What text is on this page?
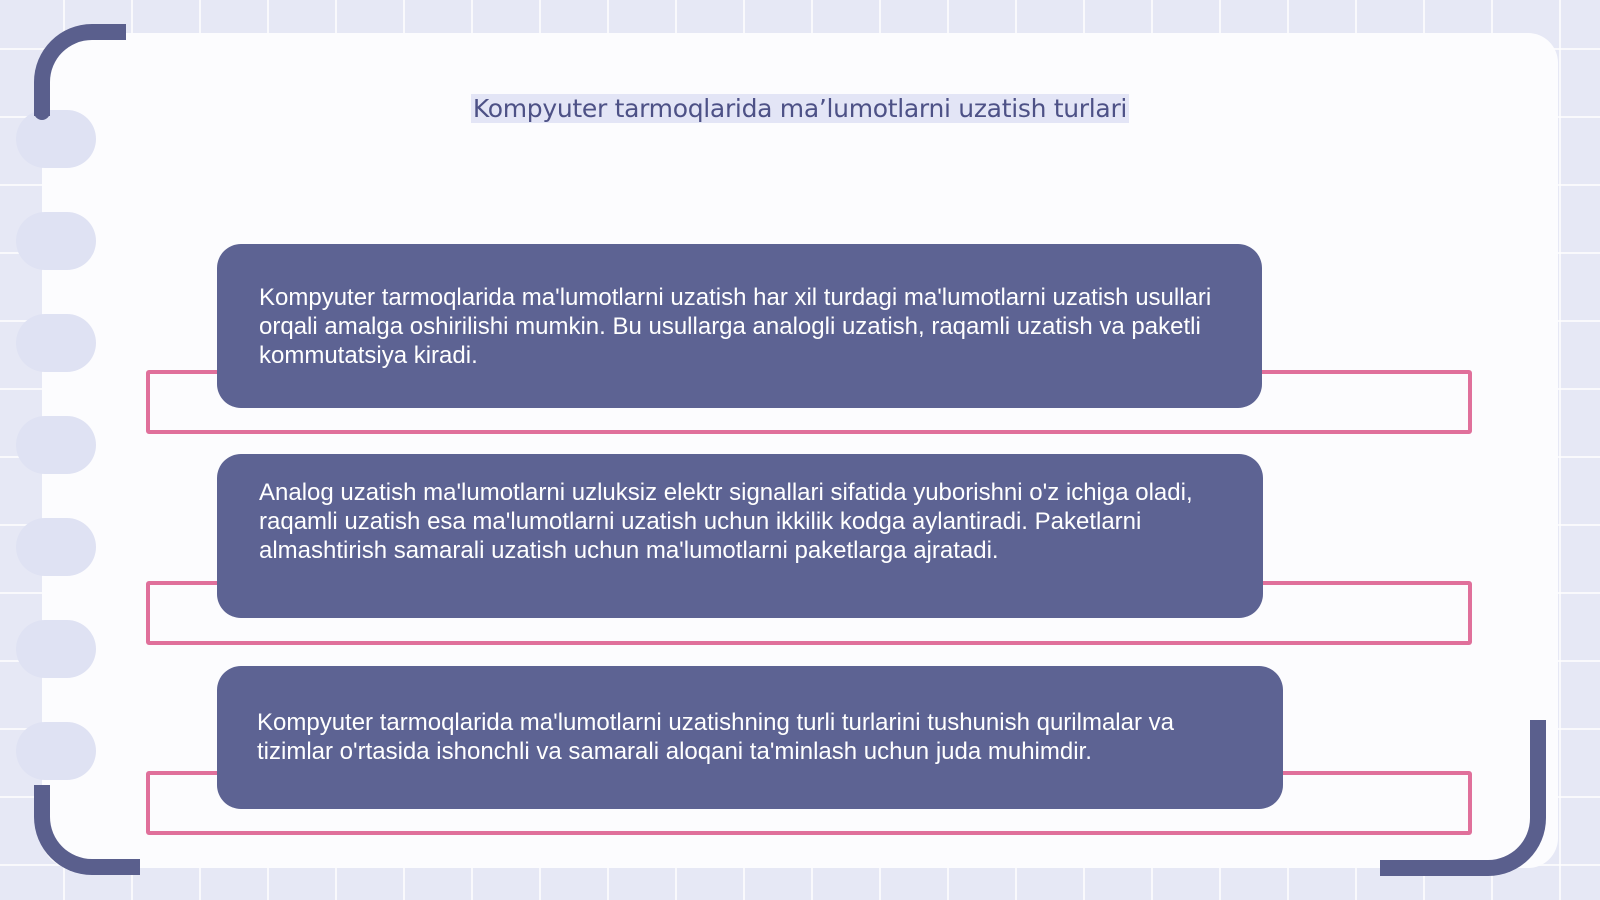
Kompyuter tarmoqlarida ma’lumotlarni uzatish turlari
Kompyuter tarmoqlarida ma'lumotlarni uzatish har xil turdagi ma'lumotlarni uzatish usullari orqali amalga oshirilishi mumkin. Bu usullarga analogli uzatish, raqamli uzatish va paketli kommutatsiya kiradi.
Analog uzatish ma'lumotlarni uzluksiz elektr signallari sifatida yuborishni o'z ichiga oladi, raqamli uzatish esa ma'lumotlarni uzatish uchun ikkilik kodga aylantiradi. Paketlarni almashtirish samarali uzatish uchun ma'lumotlarni paketlarga ajratadi.
Kompyuter tarmoqlarida ma'lumotlarni uzatishning turli turlarini tushunish qurilmalar va tizimlar o'rtasida ishonchli va samarali aloqani ta'minlash uchun juda muhimdir.
